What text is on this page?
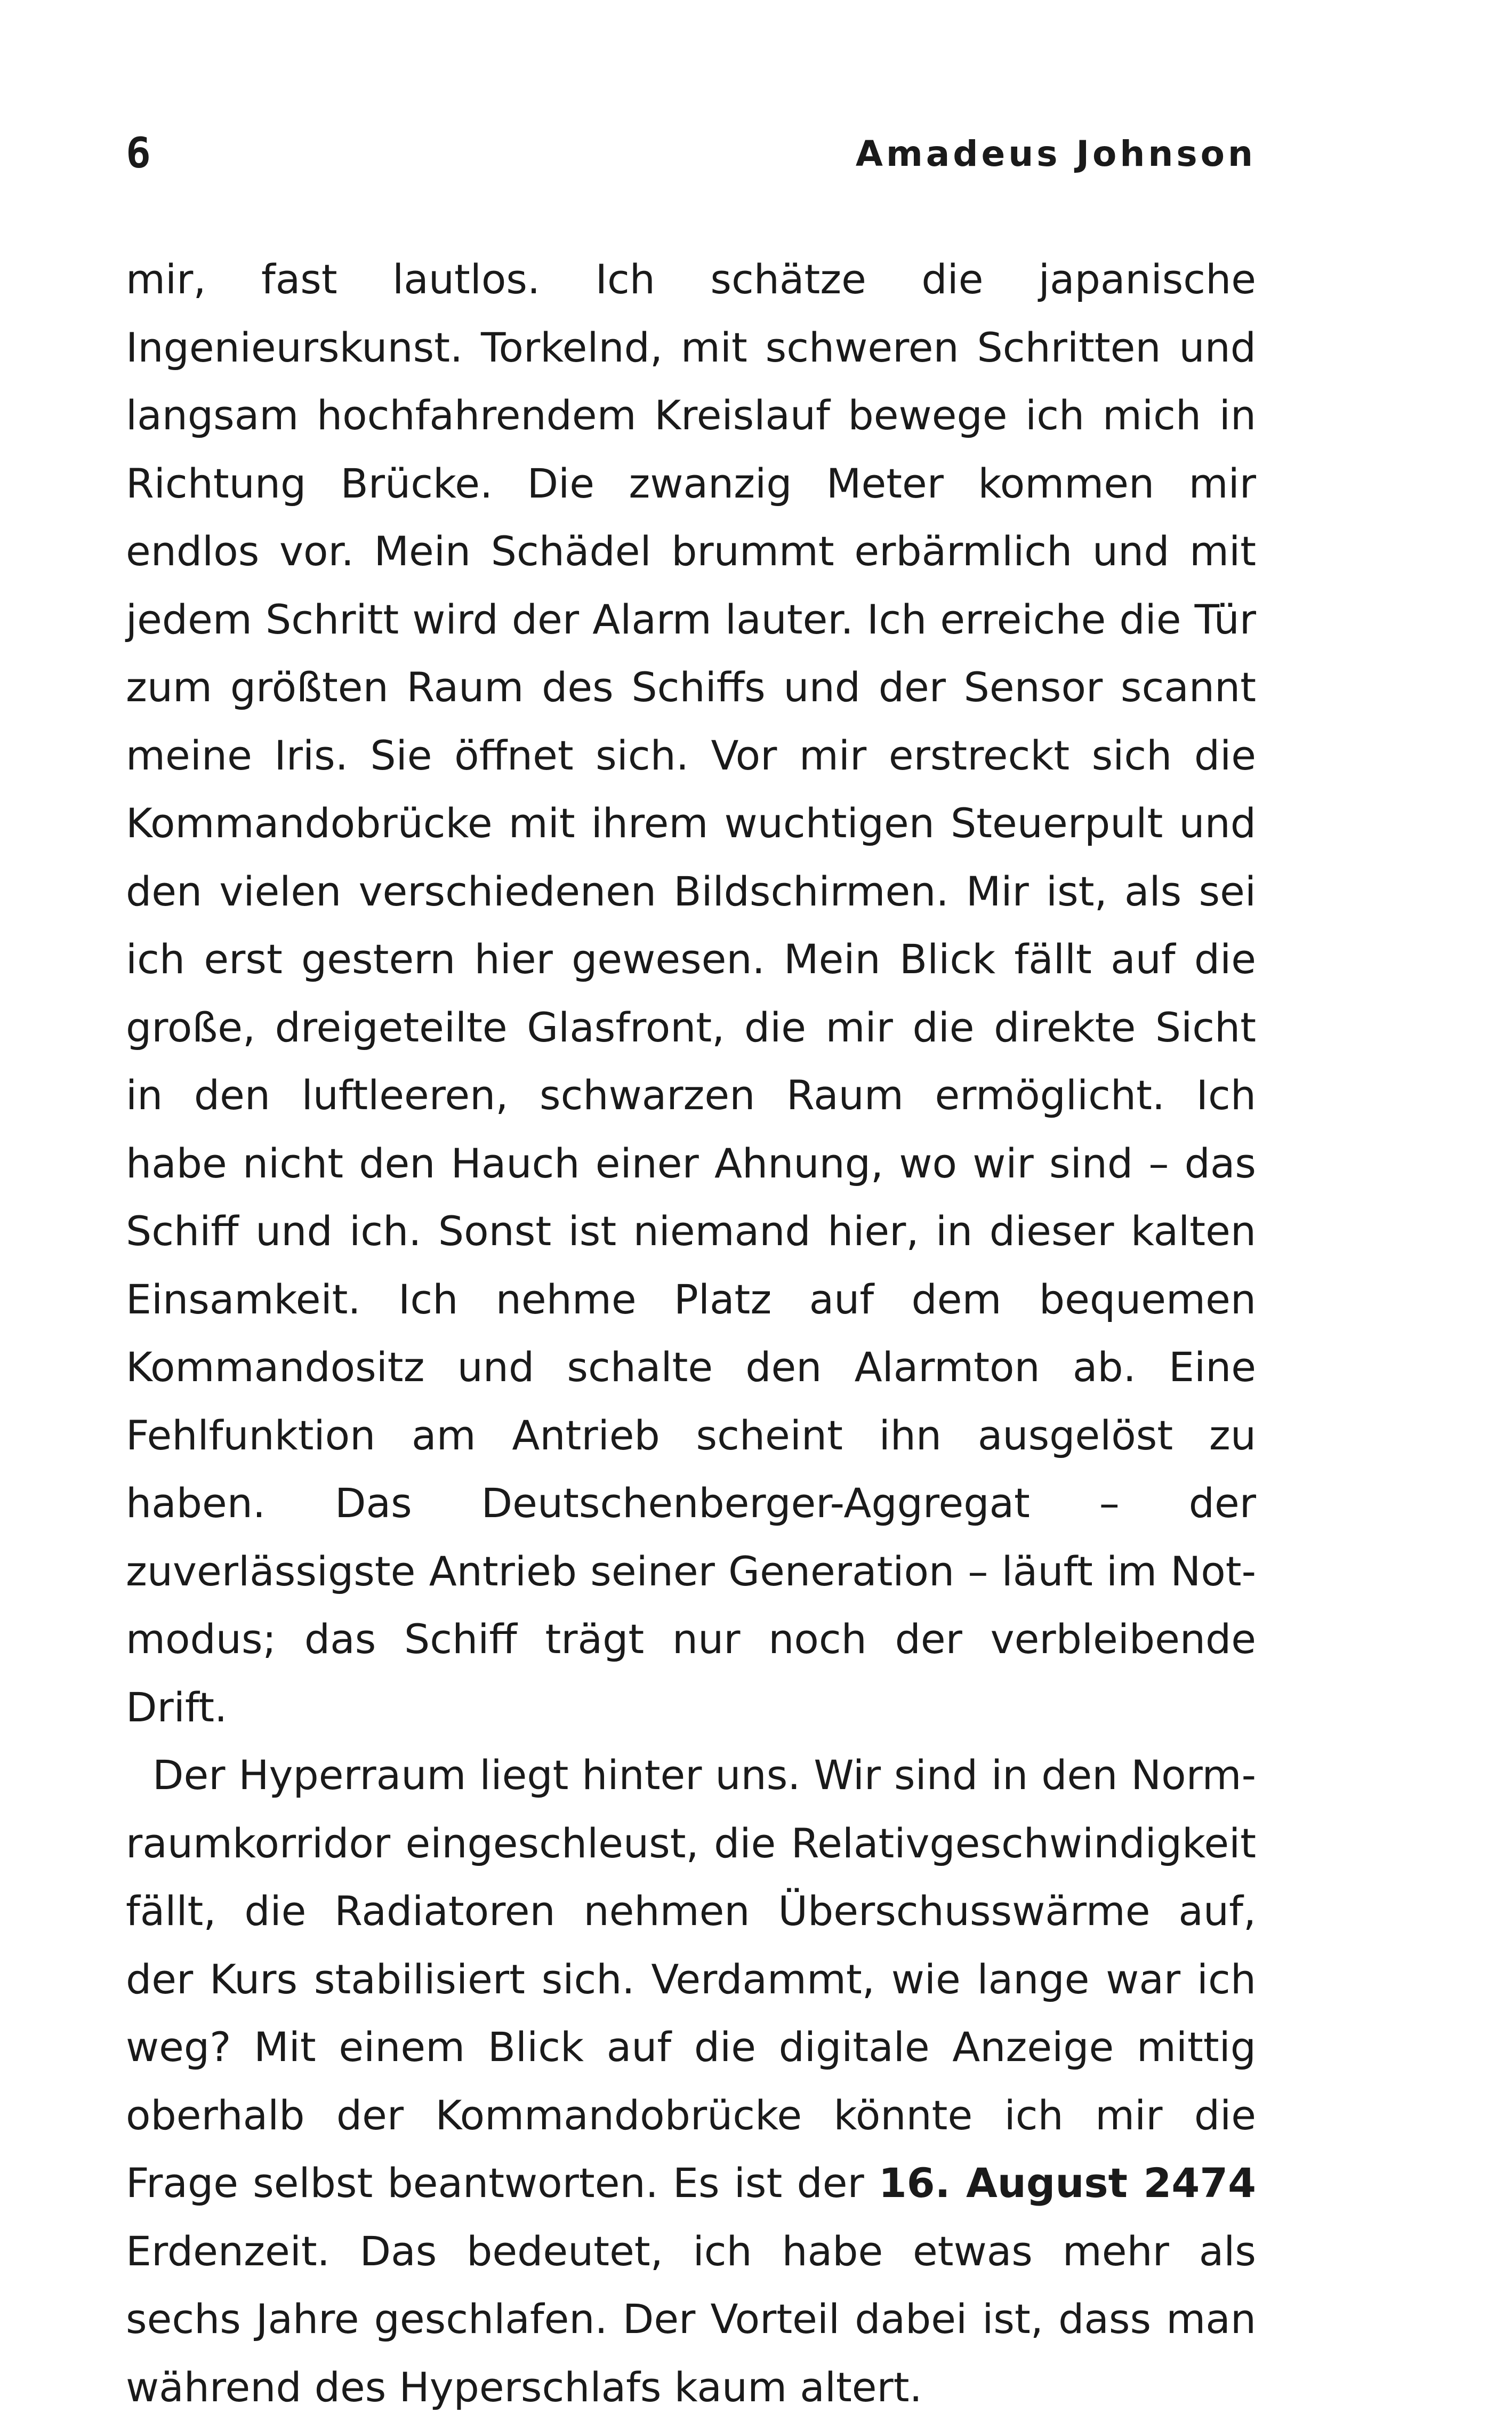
6	Amadeus Johnson

mir, fast lautlos. Ich schätze die japanische Ingenieurskunst. Torkelnd, mit schweren Schritten und langsam hochfahrendem Kreislauf bewege ich mich in Richtung Brücke. Die zwanzig Meter kommen mir endlos vor. Mein Schädel brummt erbärmlich und mit jedem Schritt wird der Alarm lauter. Ich erreiche die Tür zum größten Raum des Schiffs und der Sensor scannt meine Iris. Sie öffnet sich. Vor mir erstreckt sich die Kommandobrücke mit ihrem wuchtigen Steuerpult und den vielen verschiedenen Bildschirmen. Mir ist, als sei ich erst gestern hier gewesen. Mein Blick fällt auf die große, dreigeteilte Glasfront, die mir die direkte Sicht in den luftleeren, schwarzen Raum ermöglicht. Ich habe nicht den Hauch einer Ahnung, wo wir sind – das Schiff und ich. Sonst ist niemand hier, in dieser kalten Einsamkeit. Ich nehme Platz auf dem bequemen Kommandositz und schalte den Alarmton ab. Eine Fehlfunktion am Antrieb scheint ihn ausgelöst zu haben. Das Deutschenberger-Aggregat – der zuverlässigste Antrieb seiner Generation – läuft im Notmodus; das Schiff trägt nur noch der verbleibende Drift.

Der Hyperraum liegt hinter uns. Wir sind in den Normraumkorridor eingeschleust, die Relativgeschwindigkeit fällt, die Radiatoren nehmen Überschusswärme auf, der Kurs stabilisiert sich. Verdammt, wie lange war ich weg? Mit einem Blick auf die digitale Anzeige mittig oberhalb der Kommandobrücke könnte ich mir die Frage selbst beantworten. Es ist der 16. August 2474 Erdenzeit. Das bedeutet, ich habe etwas mehr als sechs Jahre geschlafen. Der Vorteil dabei ist, dass man während des Hyperschlafs kaum altert.
